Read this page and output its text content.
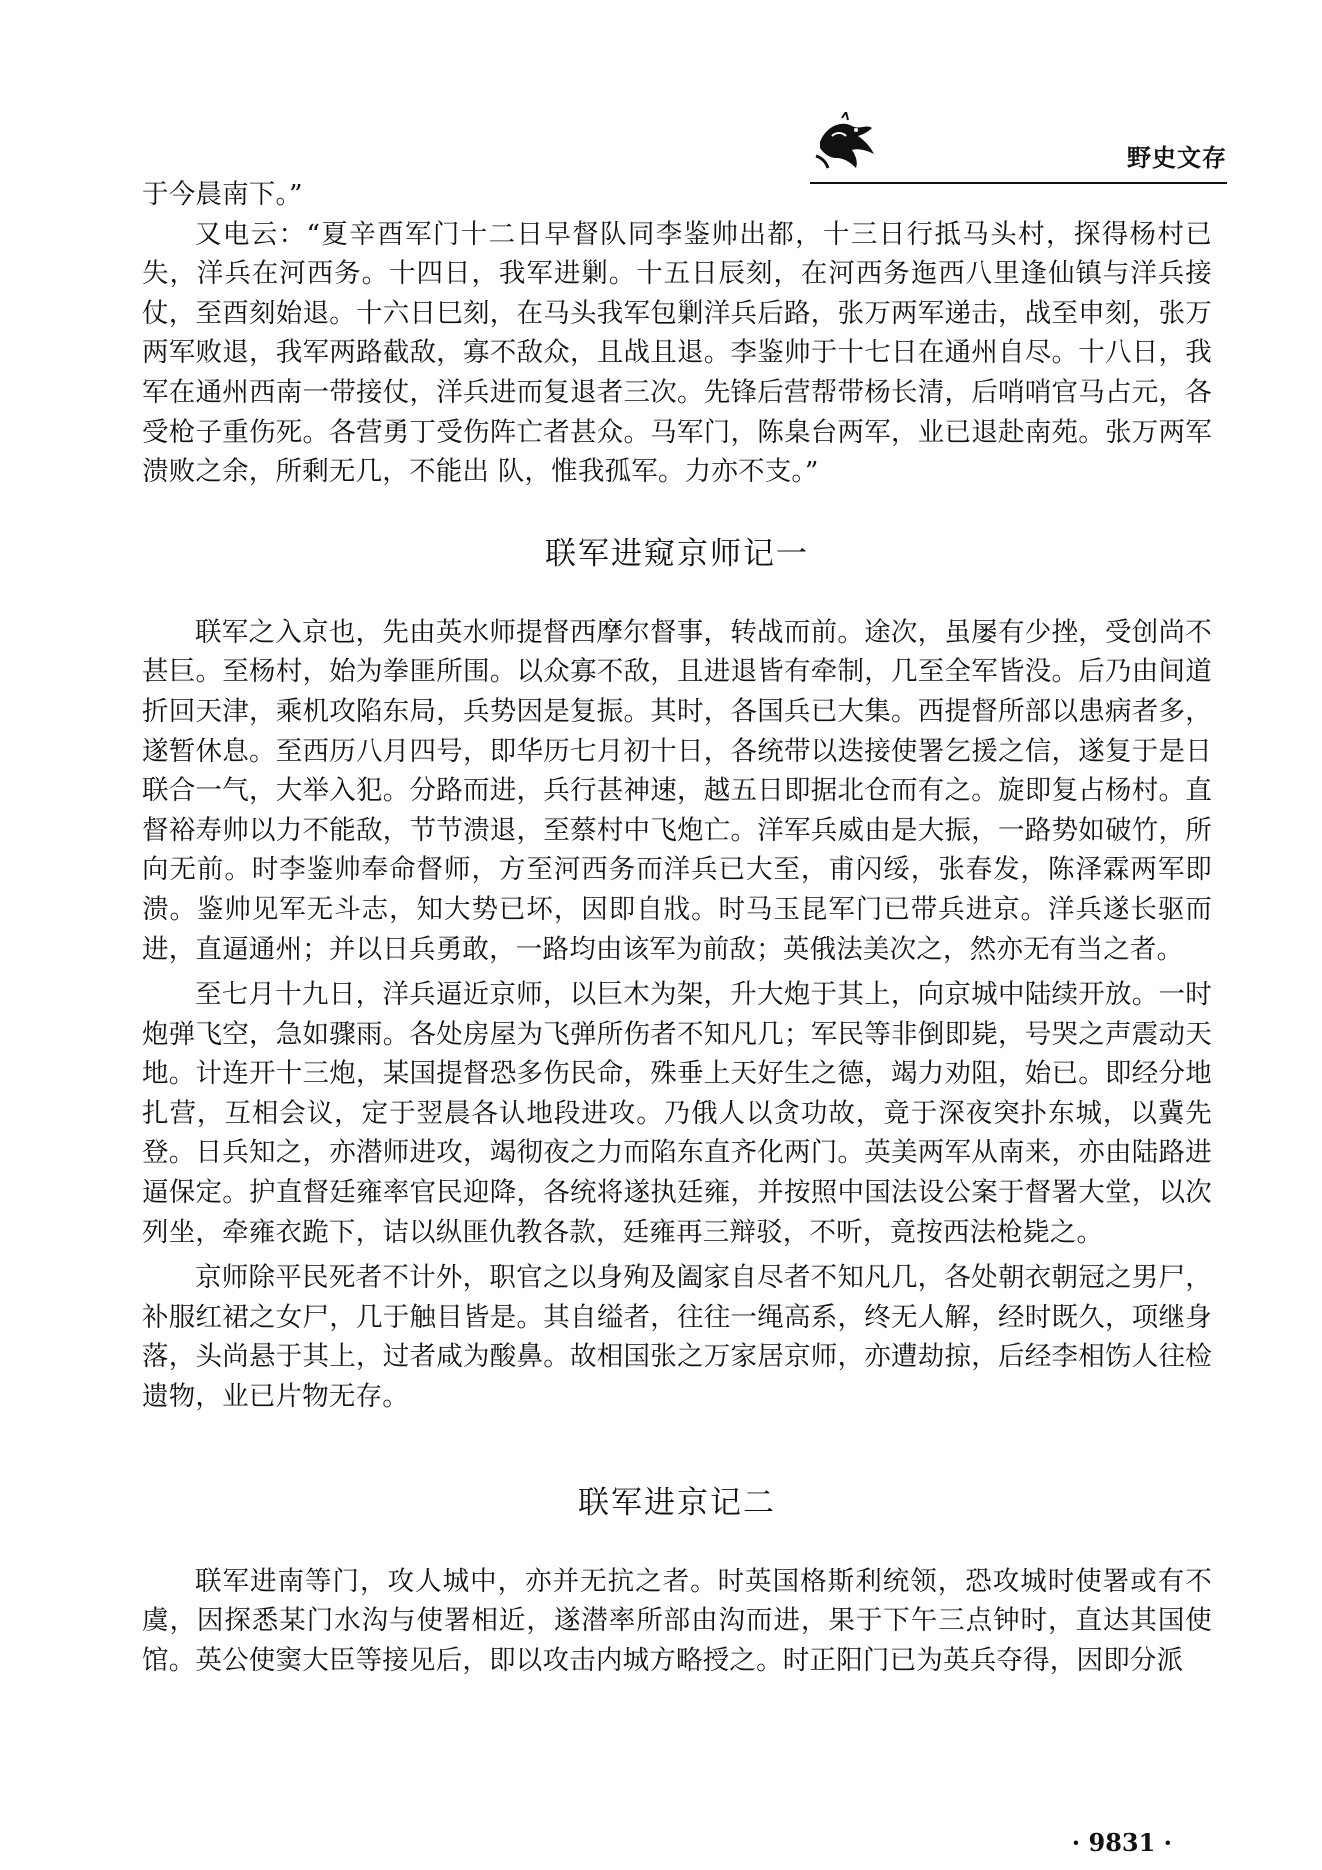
野史文存

于今晨南下。”

又电云：“夏辛酉军门十二日早督队同李鉴帅出都，十三日行抵马头村，探得杨村已失，洋兵在河西务。十四日，我军进剿。十五日辰刻，在河西务迤西八里逢仙镇与洋兵接仗，至酉刻始退。十六日巳刻，在马头我军包剿洋兵后路，张万两军递击，战至申刻，张万两军败退，我军两路截敌，寡不敌众，且战且退。李鉴帅于十七日在通州自尽。十八日，我军在通州西南一带接仗，洋兵进而复退者三次。先锋后营帮带杨长清，后哨哨官马占元，各受枪子重伤死。各营勇丁受伤阵亡者甚众。马军门，陈臬台两军，业已退赴南苑。张万两军溃败之余，所剩无几，不能出 队，惟我孤军。力亦不支。”

联军进窥京师记一

联军之入京也，先由英水师提督西摩尔督事，转战而前。途次，虽屡有少挫，受创尚不甚巨。至杨村，始为拳匪所围。以众寡不敌，且进退皆有牵制，几至全军皆没。后乃由间道折回天津，乘机攻陷东局，兵势因是复振。其时，各国兵已大集。西提督所部以患病者多，遂暂休息。至西历八月四号，即华历七月初十日，各统带以迭接使署乞援之信，遂复于是日联合一气，大举入犯。分路而进，兵行甚神速，越五日即据北仓而有之。旋即复占杨村。直督裕寿帅以力不能敌，节节溃退，至蔡村中飞炮亡。洋军兵威由是大振，一路势如破竹，所向无前。时李鉴帅奉命督师，方至河西务而洋兵已大至，甫闪绥，张春发，陈泽霖两军即溃。鉴帅见军无斗志，知大势已坏，因即自戕。时马玉昆军门已带兵进京。洋兵遂长驱而进，直逼通州；并以日兵勇敢，一路均由该军为前敌；英俄法美次之，然亦无有当之者。

至七月十九日，洋兵逼近京师，以巨木为架，升大炮于其上，向京城中陆续开放。一时炮弹飞空，急如骤雨。各处房屋为飞弹所伤者不知凡几；军民等非倒即毙，号哭之声震动天地。计连开十三炮，某国提督恐多伤民命，殊垂上天好生之德，竭力劝阻，始已。即经分地扎营，互相会议，定于翌晨各认地段进攻。乃俄人以贪功故，竟于深夜突扑东城，以冀先登。日兵知之，亦潜师进攻，竭彻夜之力而陷东直齐化两门。英美两军从南来，亦由陆路进逼保定。护直督廷雍率官民迎降，各统将遂执廷雍，并按照中国法设公案于督署大堂，以次列坐，牵雍衣跪下，诘以纵匪仇教各款，廷雍再三辩驳，不听，竟按西法枪毙之。

京师除平民死者不计外，职官之以身殉及阖家自尽者不知凡几，各处朝衣朝冠之男尸，补服红裙之女尸，几于触目皆是。其自缢者，往往一绳高系，终无人解，经时既久，项继身落，头尚悬于其上，过者咸为酸鼻。故相国张之万家居京师，亦遭劫掠，后经李相饬人往检遗物，业已片物无存。

联军进京记二

联军进南等门，攻人城中，亦并无抗之者。时英国格斯利统领，恐攻城时使署或有不虞，因探悉某门水沟与使署相近，遂潜率所部由沟而进，果于下午三点钟时，直达其国使馆。英公使窦大臣等接见后，即以攻击内城方略授之。时正阳门已为英兵夺得，因即分派

· 9831 ·
